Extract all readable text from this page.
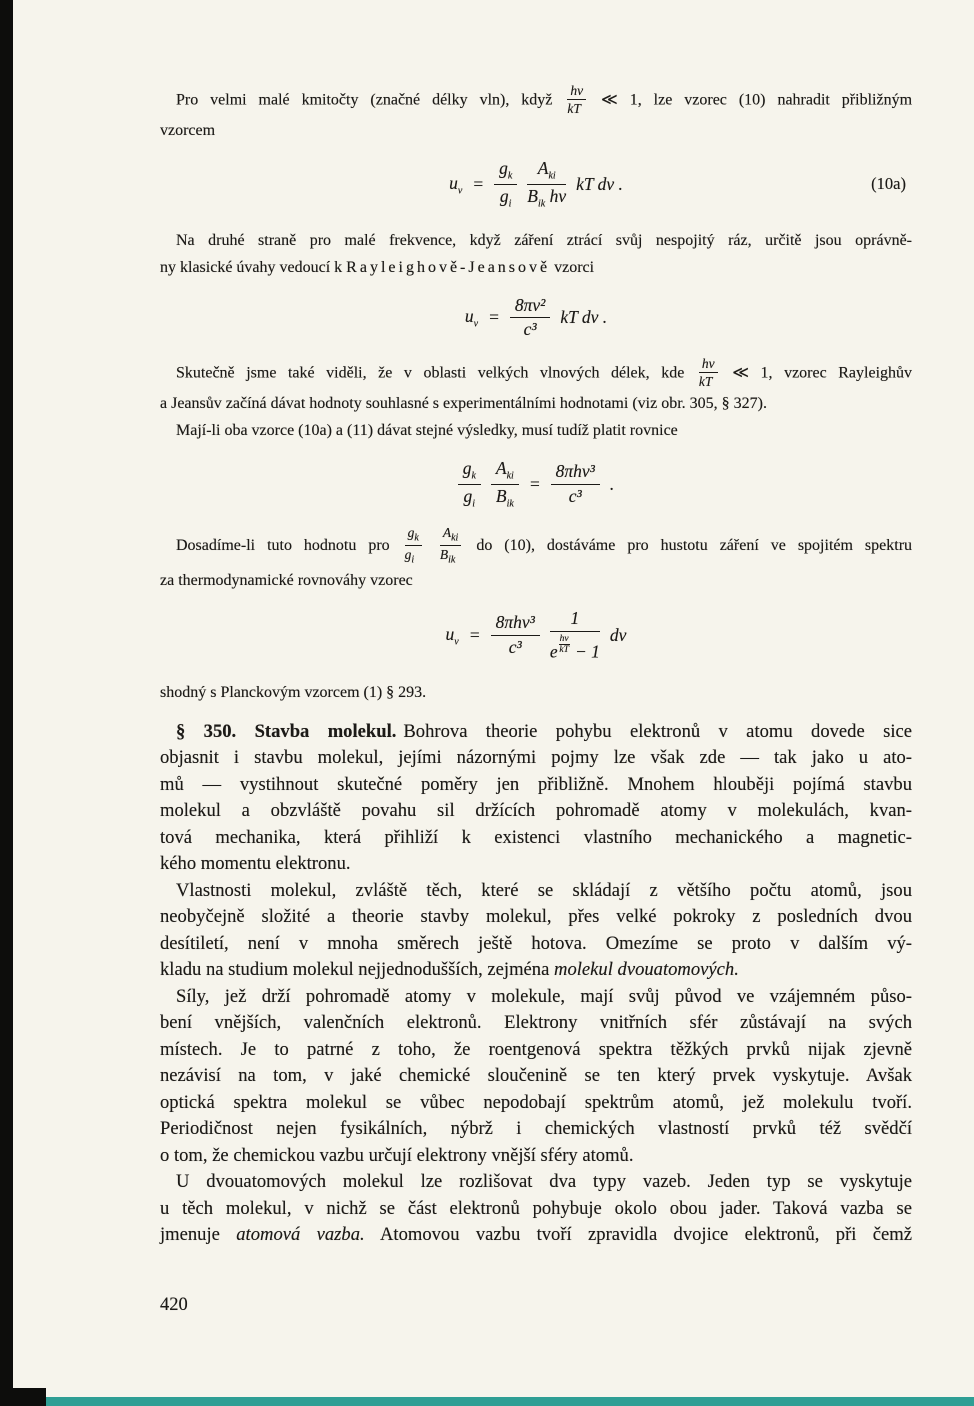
Pro velmi malé kmitočty (značné délky vln), když $\frac{h\nu}{kT}$ ≪ 1, lze vzorec (10) nahradit přibližným
vzorcem
$u_\nu = \frac{g_k}{g_i}$	$A_{ki}$
$B_{ik}$ hν
kT dν .	(10a)
Na druhé straně pro malé frekvence, když záření ztrácí svůj nespojitý ráz, určitě jsou oprávně-
ny klasické úvahy vedoucí k Rayleighově-Jeansově vzorci
$u_\nu = \frac{\text{8πν²}}{\text{c³}}$ kT dν .
Skutečně jsme také viděli, že v oblasti velkých vlnových délek, kde $\frac{h\nu}{kT}$ ≪ 1, vzorec Rayleighův
a Jeansův začíná dávat hodnoty souhlasné s experimentálními hodnotami (viz obr. 305, § 327).
Mají-li oba vzorce (10a) a (11) dávat stejné výsledky, musí tudíž platit rovnice
$\frac{g_k}{g_i} A_{ki}$
$B_{ik}$
=
8πhν³
c³
.
Dosadíme-li tuto hodnotu pro $\frac{g_k}{g_i}$
$A_{ki}$
$B_{ik}$
do (10), dostáváme pro hustotu záření ve spojitém spektru
za thermodynamické rovnováhy vzorec
$u_\nu$ =
8πhν³
c³
1
e $\frac{h\nu}{kT} - 1$
dν
shodný s Planckovým vzorcem (1) § 293.
§ 350. Stavba molekul. Bohrova theorie pohybu elektronů v atomu dovede sice
objasnit i stavbu molekul, jejími názornými pojmy lze však zde — tak jako u ato-
mů — vystihnout skutečné poměry jen přibližně. Mnohem hlouběji pojímá stavbu
molekul a obzvláště povahu sil držících pohromadě atomy v molekulách, kvan-
tová mechanika, která přihliží k existenci vlastního mechanického a magnetic-
kého momentu elektronu.
Vlastnosti molekul, zvláště těch, které se skládají z většího počtu atomů, jsou
neobyčejně složité a theorie stavby molekul, přes velké pokroky z posledních dvou
desítiletí, není v mnoha směrech ještě hotova. Omezíme se proto v dalším vý-
kladu na studium molekul nejjednodušších, zejména molekul dvouatomových.
Síly, jež drží pohromadě atomy v molekule, mají svůj původ ve vzájemném půso-
bení vnějších, valenčních elektronů. Elektrony vnitřních sfér zůstávají na svých
místech. Je to patrné z toho, že roentgenová spektra těžkých prvků nijak zjevně
nezávisí na tom, v jaké chemické sloučenině se ten který prvek vyskytuje. Avšak
optická spektra molekul se vůbec nepodobají spektrům atomů, jež molekulu tvoří.
Periodičnost nejen fysikálních, nýbrž i chemických vlastností prvků též svědčí
o tom, že chemickou vazbu určují elektrony vnější sféry atomů.
U dvouatomových molekul lze rozlišovat dva typy vazeb. Jeden typ se vyskytuje
u těch molekul, v nichž se část elektronů pohybuje okolo obou jader. Taková vazba se
jmenuje atomová vazba. Atomovou vazbu tvoří zpravidla dvojice elektronů, při čemž
420
